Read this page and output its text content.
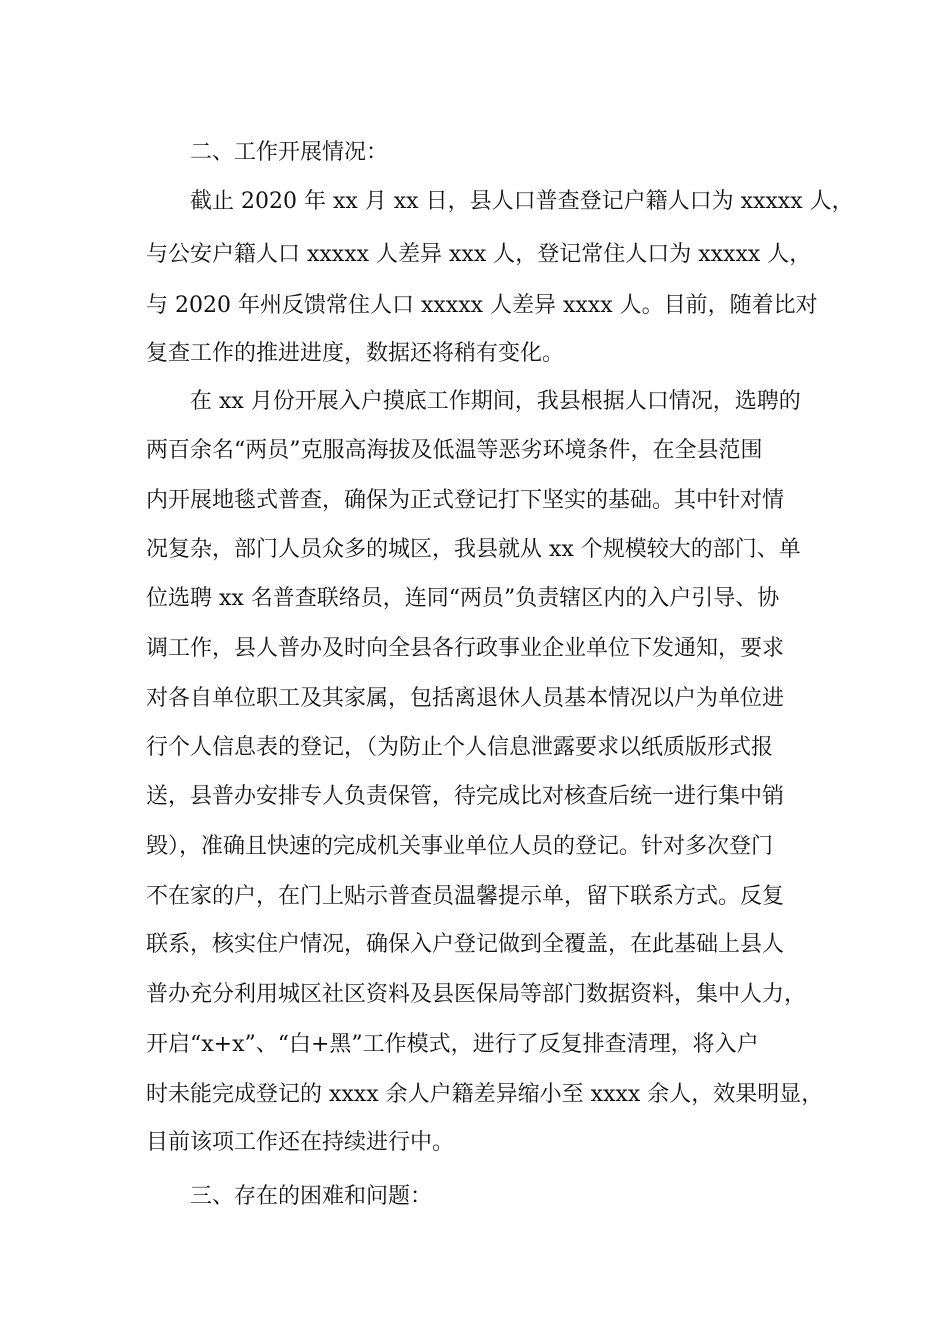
二、工作开展情况：
截止 2020 年 xx 月 xx 日，县人口普查登记户籍人口为 xxxxx 人，
与公安户籍人口 xxxxx 人差异 xxx 人，登记常住人口为 xxxxx 人，
与 2020 年州反馈常住人口 xxxxx 人差异 xxxx 人。目前，随着比对
复查工作的推进进度，数据还将稍有变化。
在 xx 月份开展入户摸底工作期间，我县根据人口情况，选聘的
两百余名“两员”克服高海拔及低温等恶劣环境条件，在全县范围
内开展地毯式普查，确保为正式登记打下坚实的基础。其中针对情
况复杂，部门人员众多的城区，我县就从 xx 个规模较大的部门、单
位选聘 xx 名普查联络员，连同“两员”负责辖区内的入户引导、协
调工作，县人普办及时向全县各行政事业企业单位下发通知，要求
对各自单位职工及其家属，包括离退休人员基本情况以户为单位进
行个人信息表的登记，（为防止个人信息泄露要求以纸质版形式报
送，县普办安排专人负责保管，待完成比对核查后统一进行集中销
毁），准确且快速的完成机关事业单位人员的登记。针对多次登门
不在家的户，在门上贴示普查员温馨提示单，留下联系方式。反复
联系，核实住户情况，确保入户登记做到全覆盖，在此基础上县人
普办充分利用城区社区资料及县医保局等部门数据资料，集中人力，
开启“x+x”、“白+黑”工作模式，进行了反复排查清理，将入户
时未能完成登记的 xxxx 余人户籍差异缩小至 xxxx 余人，效果明显，
目前该项工作还在持续进行中。
三、存在的困难和问题：
